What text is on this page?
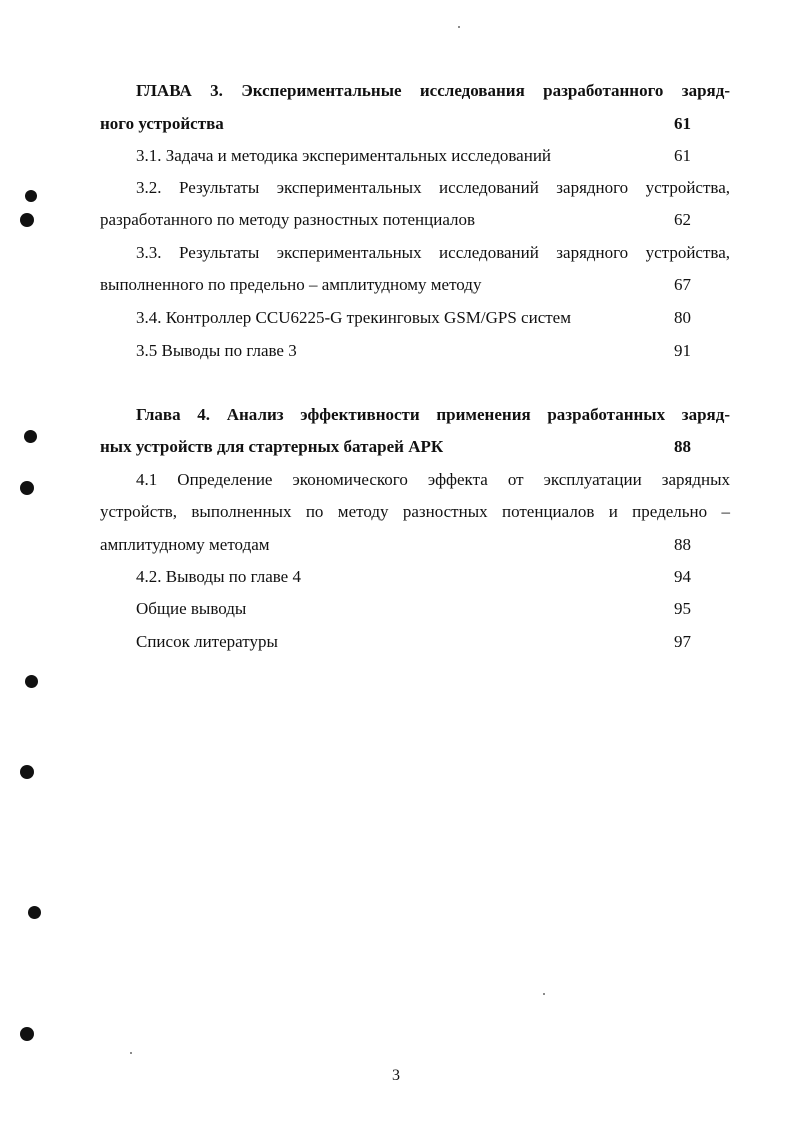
ГЛАВА 3. Экспериментальные исследования разработанного заряд-
ного устройства	61
3.1. Задача и методика экспериментальных исследований	61
3.2. Результаты экспериментальных исследований зарядного устройства,
разработанного по методу разностных потенциалов	62
3.3. Результаты экспериментальных исследований зарядного устройства,
выполненного по предельно – амплитудному методу	67
3.4. Контроллер CCU6225-G трекинговых GSM/GPS систем	80
3.5 Выводы по главе 3	91
Глава 4. Анализ эффективности применения разработанных заряд-
ных устройств для стартерных батарей АРК	88
4.1 Определение экономического эффекта от эксплуатации зарядных
устройств, выполненных по методу разностных потенциалов и предельно –
амплитудному методам	88
4.2. Выводы по главе 4	94
Общие выводы	95
Список литературы	97
3
